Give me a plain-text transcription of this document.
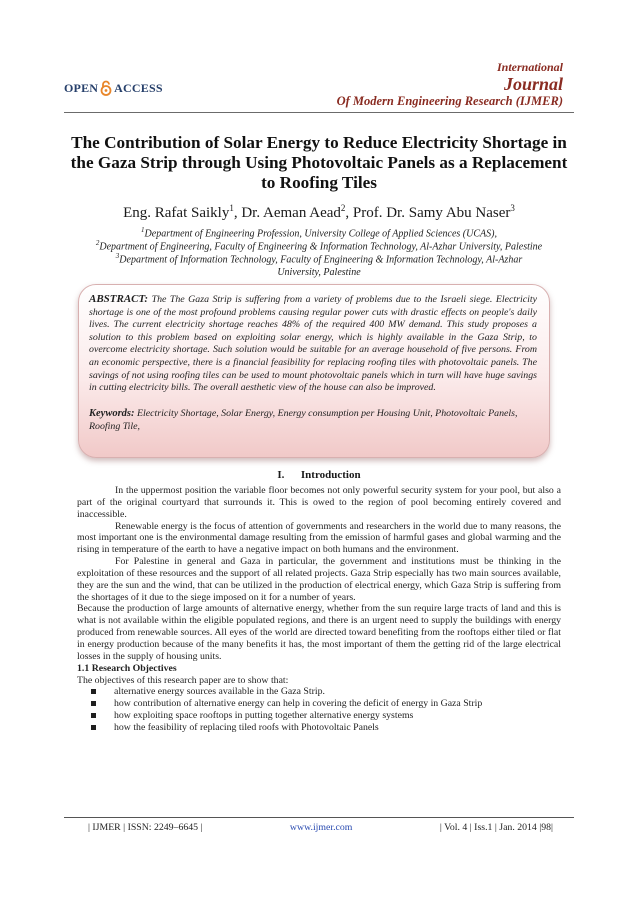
OPEN ACCESS
International
Journal
Of Modern Engineering Research (IJMER)
The Contribution of Solar Energy to Reduce Electricity Shortage in the Gaza Strip through Using Photovoltaic Panels as a Replacement to Roofing Tiles
Eng. Rafat Saikly$^1$, Dr. Aeman Aead$^2$, Prof. Dr. Samy Abu Naser$^3$
$^1$Department of Engineering Profession, University College of Applied Sciences (UCAS),
$^2$Department of Engineering, Faculty of Engineering & Information Technology, Al-Azhar University, Palestine
$^3$Department of Information Technology, Faculty of Engineering & Information Technology, Al-Azhar University, Palestine
ABSTRACT: The The Gaza Strip is suffering from a variety of problems due to the Israeli siege. Electricity shortage is one of the most profound problems causing regular power cuts with drastic effects on people's daily lives. The current electricity shortage reaches 48% of the required 400 MW demand. This study proposes a solution to this problem based on exploiting solar energy, which is highly available in the Gaza Strip, to overcome electricity shortage. Such solution would be suitable for an average household of five persons. From an economic perspective, there is a financial feasibility for replacing roofing tiles with photovoltaic panels. The savings of not using roofing tiles can be used to mount photovoltaic panels which in turn will have huge savings in cutting electricity bills. The overall aesthetic view of the house can also be improved.
Keywords: Electricity Shortage, Solar Energy, Energy consumption per Housing Unit, Photovoltaic Panels, Roofing Tile,
I.      Introduction

In the uppermost position the variable floor becomes not only powerful security system for your pool, but also a part of the original courtyard that surrounds it. This is owed to the region of pool becoming entirely covered and inaccessible.

Renewable energy is the focus of attention of governments and researchers in the world due to many reasons, the most important one is the environmental damage resulting from the emission of harmful gases and global warming and the rising in temperature of the earth to have a negative impact on both humans and the environment.

For Palestine in general and Gaza in particular, the government and institutions must be thinking in the exploitation of these resources and the support of all related projects. Gaza Strip especially has two main sources available, they are the sun and the wind, that can be utilized in the production of electrical energy, which Gaza Strip is suffering from the shortages of it due to the siege imposed on it for a number of years.

Because the production of large amounts of alternative energy, whether from the sun require large tracts of land and this is what is not available within the eligible populated regions, and there is an urgent need to supply the buildings with energy produced from renewable sources. All eyes of the world are directed toward benefiting from the rooftops either tiled or flat in energy production because of the many benefits it has, the most important of them the getting rid of the large electrical losses in the supply of housing units.

1.1 Research Objectives

The objectives of this research paper are to show that:

alternative energy sources available in the Gaza Strip.
how contribution of alternative energy can help in covering the deficit of energy in Gaza Strip
how exploiting space rooftops in putting together alternative energy systems
how the feasibility of replacing tiled roofs with Photovoltaic Panels
| IJMER | ISSN: 2249–6645 |	www.ijmer.com	| Vol. 4 | Iss.1 | Jan. 2014 |98|
